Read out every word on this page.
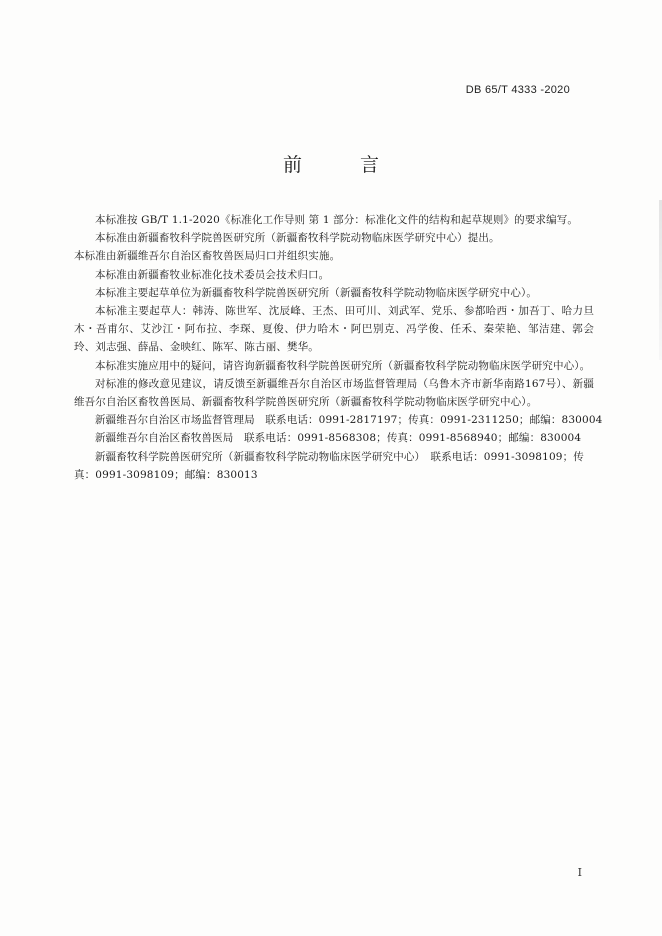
DB 65/T 4333 -2020
前 言

本标准按 GB/T 1.1-2020《标准化工作导则 第 1 部分：标准化文件的结构和起草规则》的要求编写。

本标准由新疆畜牧科学院兽医研究所（新疆畜牧科学院动物临床医学研究中心）提出。

本标准由新疆维吾尔自治区畜牧兽医局归口并组织实施。

本标准由新疆畜牧业标准化技术委员会技术归口。

本标准主要起草单位为新疆畜牧科学院兽医研究所（新疆畜牧科学院动物临床医学研究中心）。

本标准主要起草人：韩涛、陈世军、沈辰峰、王杰、田可川、刘武军、党乐、参都哈西・加吾丁、哈力旦木・吾甫尔、艾沙江・阿布拉、李琛、夏俊、伊力哈木・阿巴别克、冯学俊、任禾、秦荣艳、邹洁建、郭会玲、刘志强、薛晶、金映红、陈军、陈古丽、樊华。

本标准实施应用中的疑问，请咨询新疆畜牧科学院兽医研究所（新疆畜牧科学院动物临床医学研究中心）。

对标准的修改意见建议，请反馈至新疆维吾尔自治区市场监督管理局（乌鲁木齐市新华南路167号）、新疆维吾尔自治区畜牧兽医局、新疆畜牧科学院兽医研究所（新疆畜牧科学院动物临床医学研究中心）。

新疆维吾尔自治区市场监督管理局　联系电话：0991-2817197；传真：0991-2311250；邮编：830004

新疆维吾尔自治区畜牧兽医局　联系电话：0991-8568308；传真：0991-8568940；邮编：830004

新疆畜牧科学院兽医研究所（新疆畜牧科学院动物临床医学研究中心）　联系电话：0991-3098109；传真：0991-3098109；邮编：830013

I
